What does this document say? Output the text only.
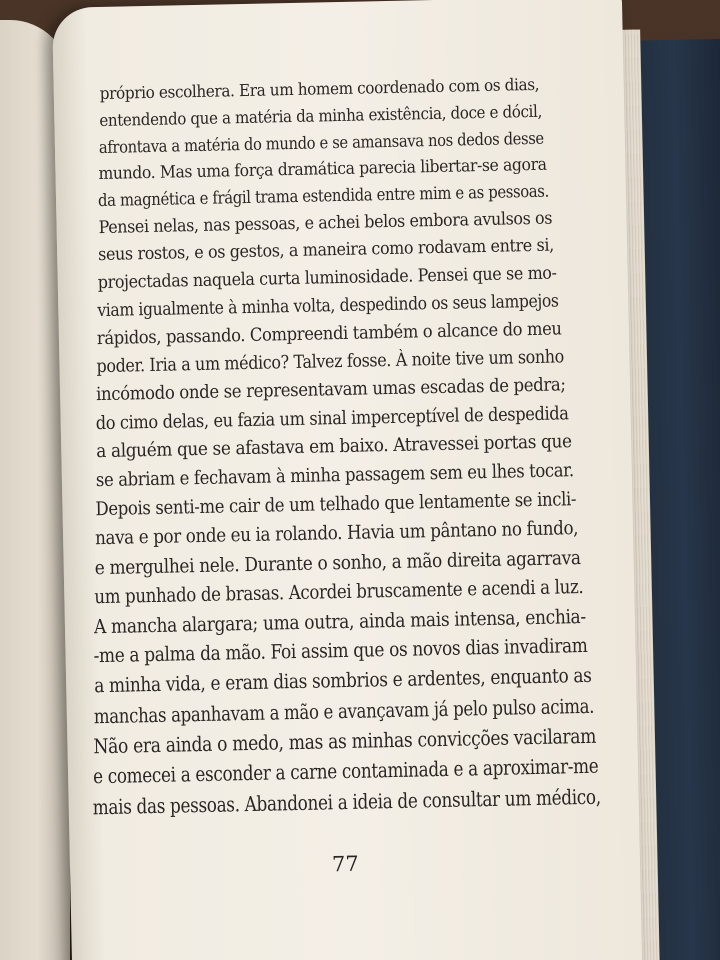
próprio escolhera. Era um homem coordenado com os dias,
entendendo que a matéria da minha existência, doce e dócil,
afrontava a matéria do mundo e se amansava nos dedos desse
mundo. Mas uma força dramática parecia libertar-se agora
da magnética e frágil trama estendida entre mim e as pessoas.
Pensei nelas, nas pessoas, e achei belos embora avulsos os
seus rostos, e os gestos, a maneira como rodavam entre si,
projectadas naquela curta luminosidade. Pensei que se mo-
viam igualmente à minha volta, despedindo os seus lampejos
rápidos, passando. Compreendi também o alcance do meu
poder. Iria a um médico? Talvez fosse. À noite tive um sonho
incómodo onde se representavam umas escadas de pedra;
do cimo delas, eu fazia um sinal imperceptível de despedida
a alguém que se afastava em baixo. Atravessei portas que
se abriam e fechavam à minha passagem sem eu lhes tocar.
Depois senti-me cair de um telhado que lentamente se incli-
nava e por onde eu ia rolando. Havia um pântano no fundo,
e mergulhei nele. Durante o sonho, a mão direita agarrava
um punhado de brasas. Acordei bruscamente e acendi a luz.
A mancha alargara; uma outra, ainda mais intensa, enchia-
-me a palma da mão. Foi assim que os novos dias invadiram
a minha vida, e eram dias sombrios e ardentes, enquanto as
manchas apanhavam a mão e avançavam já pelo pulso acima.
Não era ainda o medo, mas as minhas convicções vacilaram
e comecei a esconder a carne contaminada e a aproximar-me
mais das pessoas. Abandonei a ideia de consultar um médico,
77
